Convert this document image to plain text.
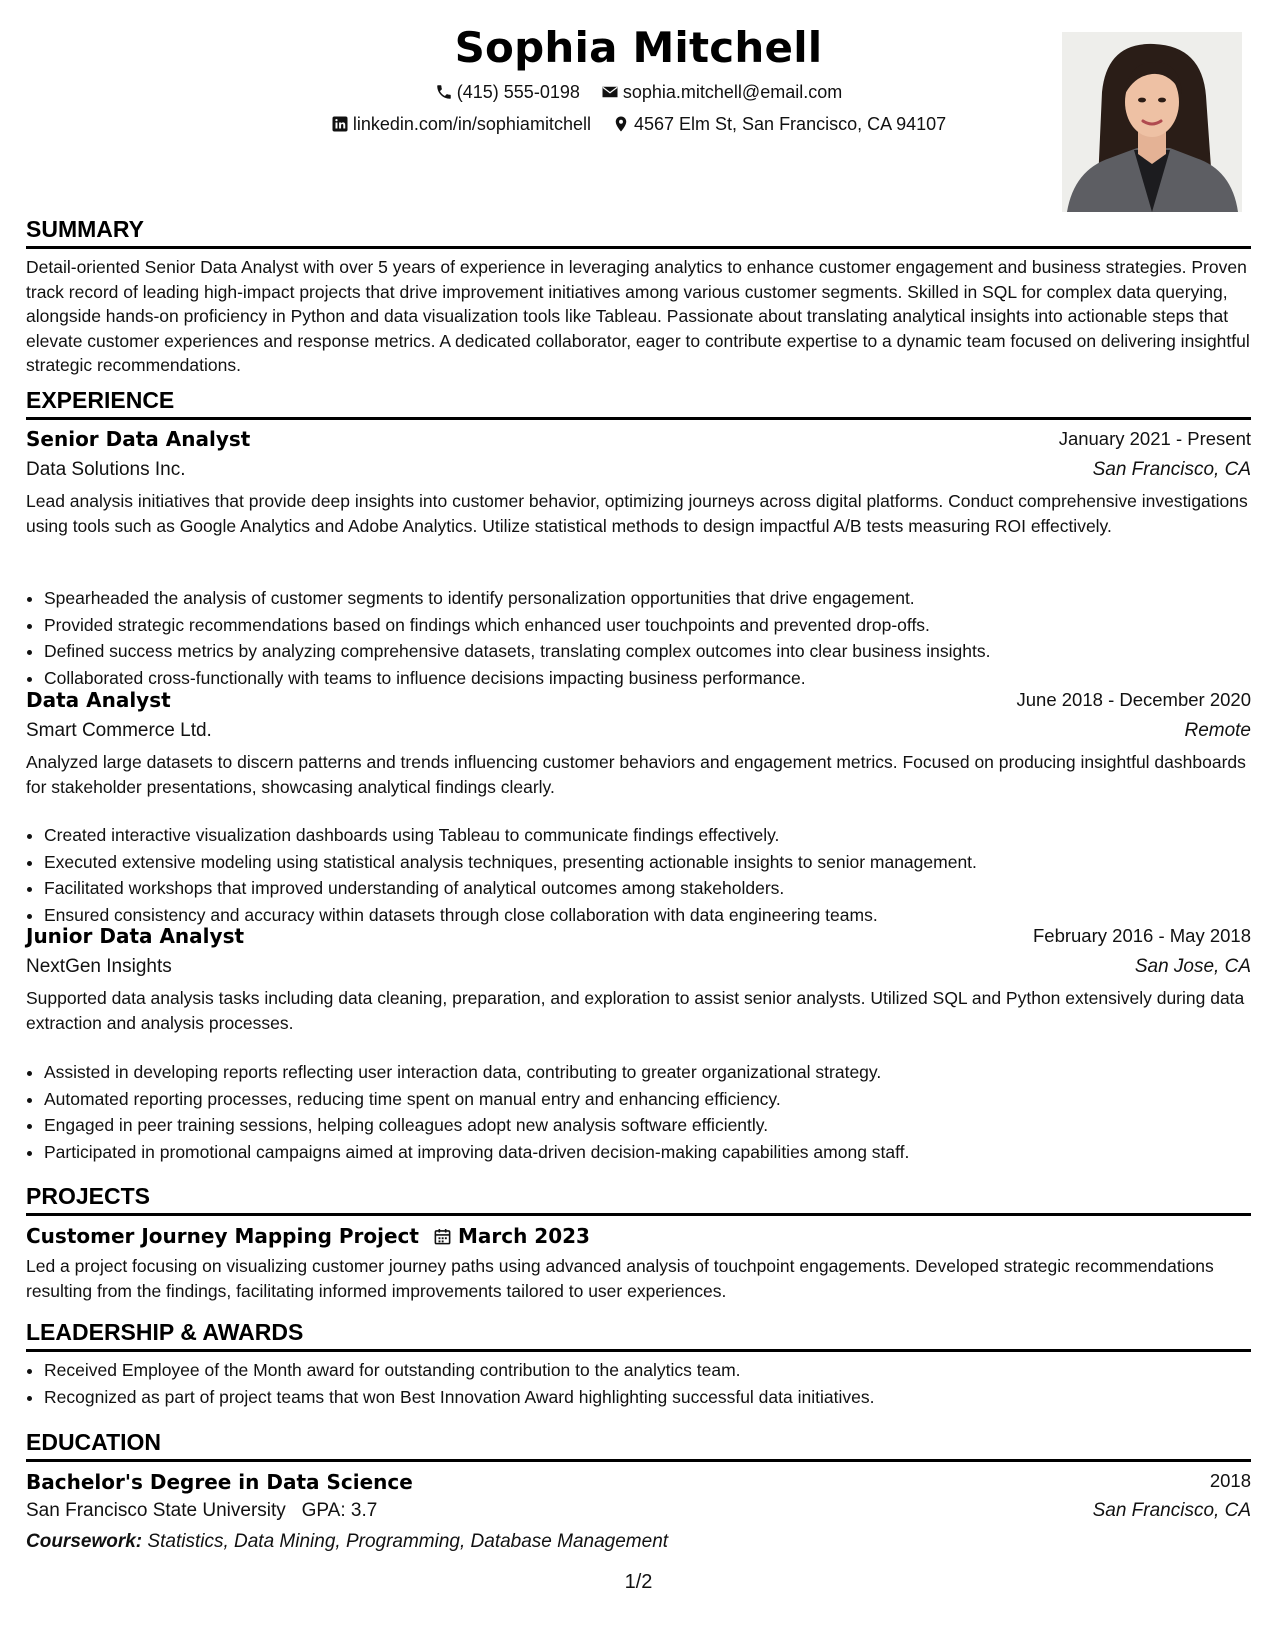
Sophia Mitchell
(415) 555-0198
sophia.mitchell@email.com
linkedin.com/in/sophiamitchell
4567 Elm St, San Francisco, CA 94107
SUMMARY
Detail-oriented Senior Data Analyst with over 5 years of experience in leveraging analytics to enhance customer engagement and business strategies. Proven track record of leading high-impact projects that drive improvement initiatives among various customer segments. Skilled in SQL for complex data querying, alongside hands-on proficiency in Python and data visualization tools like Tableau. Passionate about translating analytical insights into actionable steps that elevate customer experiences and response metrics. A dedicated collaborator, eager to contribute expertise to a dynamic team focused on delivering insightful strategic recommendations.
EXPERIENCE
Senior Data Analyst	January 2021 - Present
Data Solutions Inc.	San Francisco, CA
Lead analysis initiatives that provide deep insights into customer behavior, optimizing journeys across digital platforms. Conduct comprehensive investigations using tools such as Google Analytics and Adobe Analytics. Utilize statistical methods to design impactful A/B tests measuring ROI effectively.
• Spearheaded the analysis of customer segments to identify personalization opportunities that drive engagement.
• Provided strategic recommendations based on findings which enhanced user touchpoints and prevented drop-offs.
• Defined success metrics by analyzing comprehensive datasets, translating complex outcomes into clear business insights.
• Collaborated cross-functionally with teams to influence decisions impacting business performance.
Data Analyst	June 2018 - December 2020
Smart Commerce Ltd.	Remote
Analyzed large datasets to discern patterns and trends influencing customer behaviors and engagement metrics. Focused on producing insightful dashboards for stakeholder presentations, showcasing analytical findings clearly.
• Created interactive visualization dashboards using Tableau to communicate findings effectively.
• Executed extensive modeling using statistical analysis techniques, presenting actionable insights to senior management.
• Facilitated workshops that improved understanding of analytical outcomes among stakeholders.
• Ensured consistency and accuracy within datasets through close collaboration with data engineering teams.
Junior Data Analyst	February 2016 - May 2018
NextGen Insights	San Jose, CA
Supported data analysis tasks including data cleaning, preparation, and exploration to assist senior analysts. Utilized SQL and Python extensively during data extraction and analysis processes.
• Assisted in developing reports reflecting user interaction data, contributing to greater organizational strategy.
• Automated reporting processes, reducing time spent on manual entry and enhancing efficiency.
• Engaged in peer training sessions, helping colleagues adopt new analysis software efficiently.
• Participated in promotional campaigns aimed at improving data-driven decision-making capabilities among staff.
PROJECTS
Customer Journey Mapping Project March 2023
Led a project focusing on visualizing customer journey paths using advanced analysis of touchpoint engagements. Developed strategic recommendations resulting from the findings, facilitating informed improvements tailored to user experiences.
LEADERSHIP & AWARDS
• Received Employee of the Month award for outstanding contribution to the analytics team.
• Recognized as part of project teams that won Best Innovation Award highlighting successful data initiatives.
EDUCATION
Bachelor's Degree in Data Science	2018
San Francisco State University GPA: 3.7	San Francisco, CA
Coursework: Statistics, Data Mining, Programming, Database Management
1/2
